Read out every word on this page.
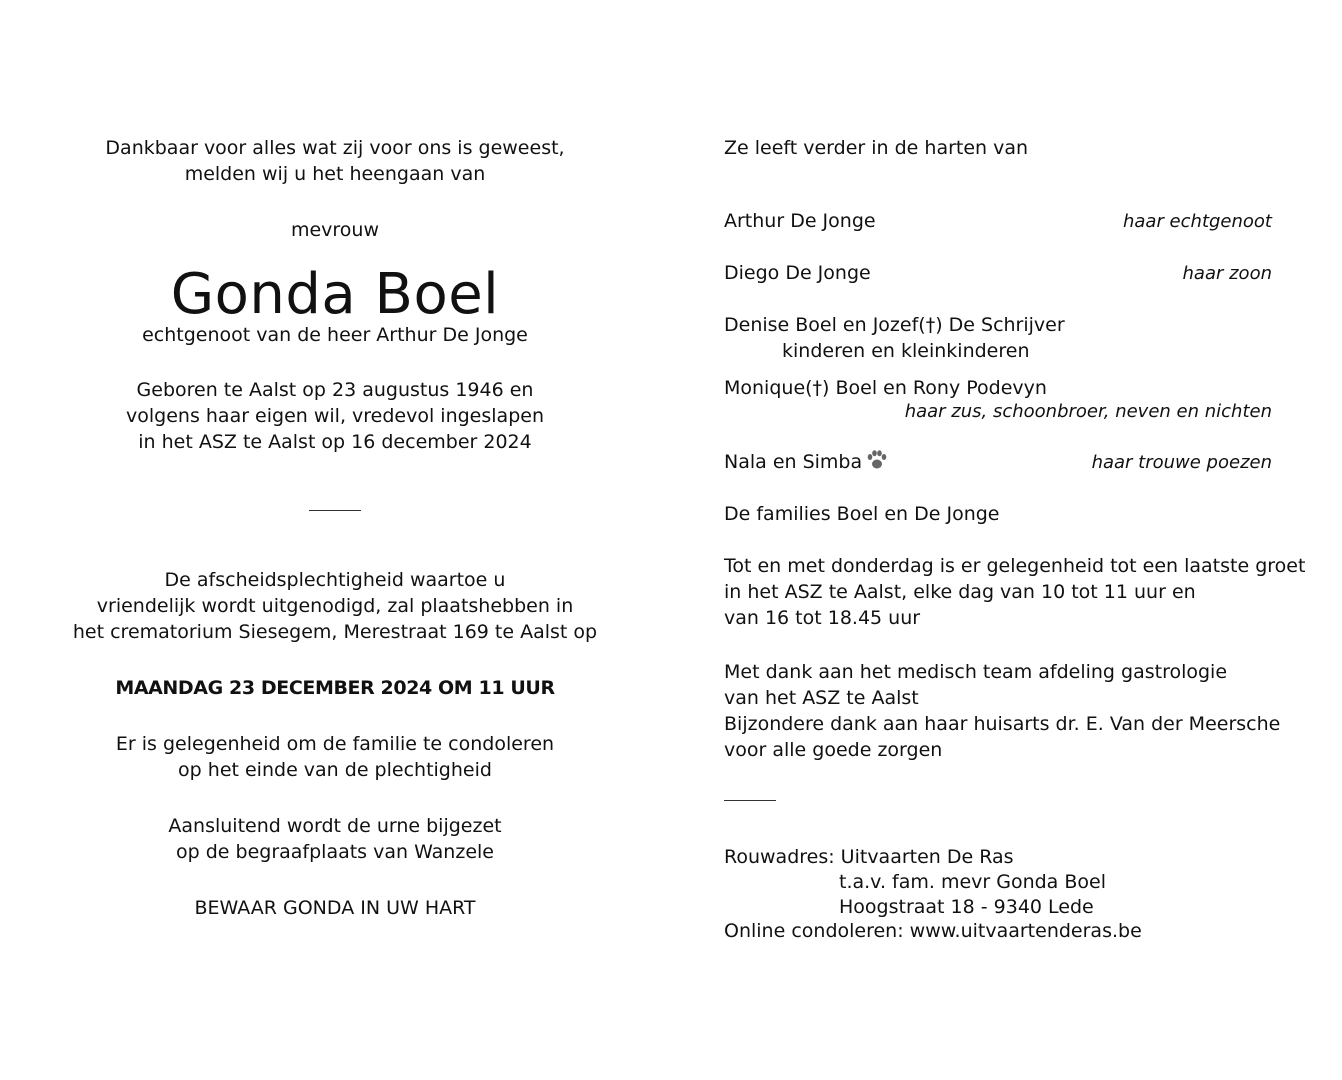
Dankbaar voor alles wat zij voor ons is geweest,

melden wij u het heengaan van

mevrouw

Gonda Boel

echtgenoot van de heer Arthur De Jonge

Geboren te Aalst op 23 augustus 1946 en

volgens haar eigen wil, vredevol ingeslapen

in het ASZ te Aalst op 16 december 2024

De afscheidsplechtigheid waartoe u

vriendelijk wordt uitgenodigd, zal plaatshebben in

het crematorium Siesegem, Merestraat 169 te Aalst op

MAANDAG 23 DECEMBER 2024 OM 11 UUR

Er is gelegenheid om de familie te condoleren

op het einde van de plechtigheid

Aansluitend wordt de urne bijgezet

op de begraafplaats van Wanzele

BEWAAR GONDA IN UW HART

Ze leeft verder in de harten van

Arthur De Jonge	haar echtgenoot
Diego De Jonge	haar zoon

Denise Boel en Jozef(†) De Schrijver

kinderen en kleinkinderen

Monique(†) Boel en Rony Podevyn

haar zus, schoonbroer, neven en nichten

Nala en Simba	haar trouwe poezen

De families Boel en De Jonge

Tot en met donderdag is er gelegenheid tot een laatste groet

in het ASZ te Aalst, elke dag van 10 tot 11 uur en

van 16 tot 18.45 uur

Met dank aan het medisch team afdeling gastrologie

van het ASZ te Aalst

Bijzondere dank aan haar huisarts dr. E. Van der Meersche

voor alle goede zorgen

Rouwadres: Uitvaarten De Ras

t.a.v. fam. mevr Gonda Boel

Hoogstraat 18 - 9340 Lede

Online condoleren: www.uitvaartenderas.be
